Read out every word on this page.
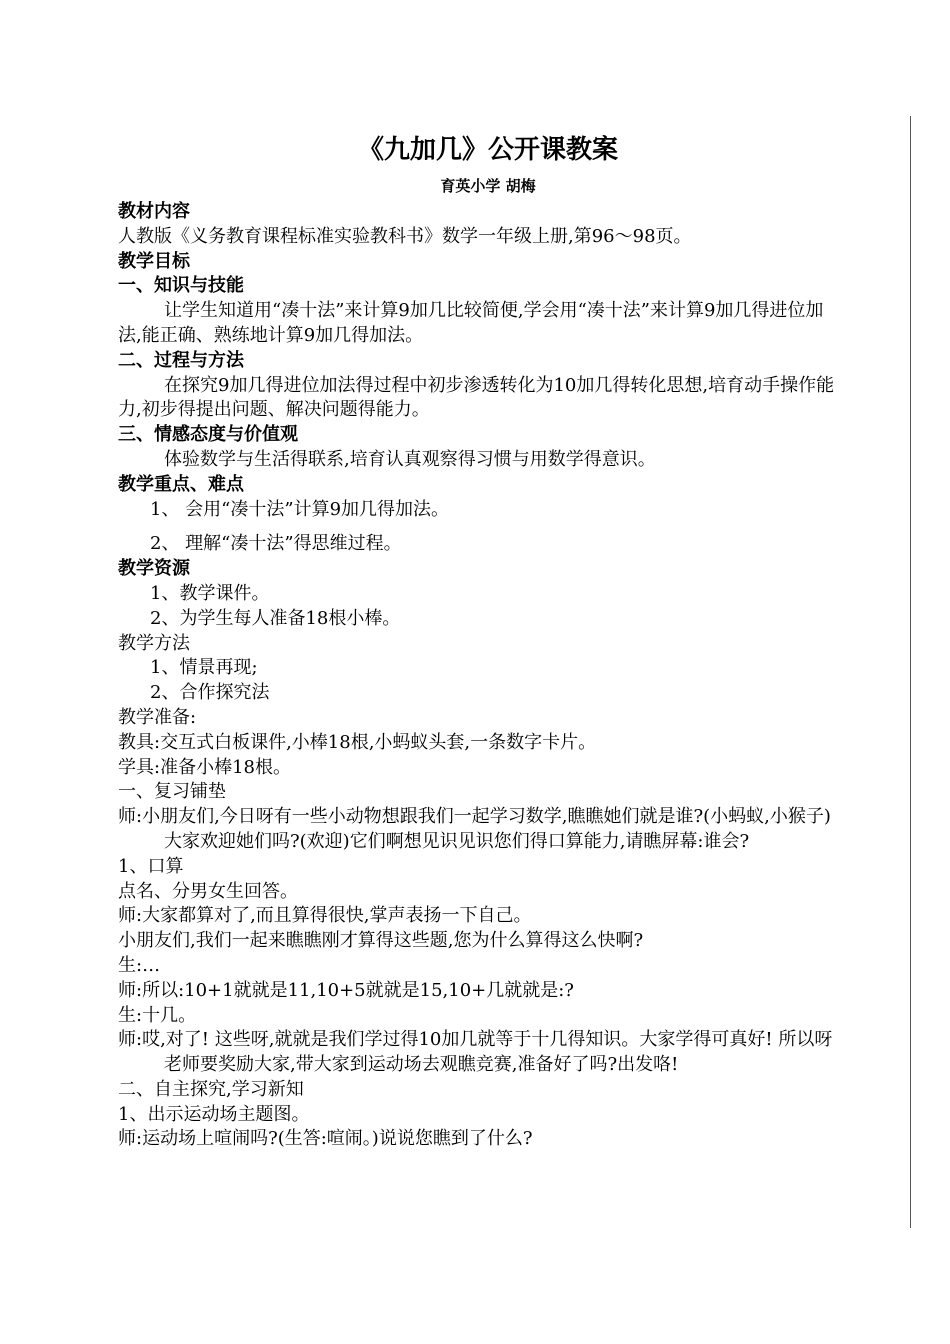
《九加几》公开课教案
育英小学 胡梅
教材内容
人教版《义务教育课程标准实验教科书》数学一年级上册,第96～98页。
教学目标
一、知识与技能
让学生知道用“凑十法”来计算9加几比较简便,学会用“凑十法”来计算9加几得进位加法,能正确、熟练地计算9加几得加法。
二、过程与方法
在探究9加几得进位加法得过程中初步渗透转化为10加几得转化思想,培育动手操作能力,初步得提出问题、解决问题得能力。
三、情感态度与价值观
体验数学与生活得联系,培育认真观察得习惯与用数学得意识。
教学重点、难点
1、 会用“凑十法”计算9加几得加法。
2、 理解“凑十法”得思维过程。
教学资源
1、教学课件。
2、为学生每人准备18根小棒。
教学方法
1、情景再现;
2、合作探究法
教学准备:
教具:交互式白板课件,小棒18根,小蚂蚁头套,一条数字卡片。
学具:准备小棒18根。
一、复习铺垫
师:小朋友们,今日呀有一些小动物想跟我们一起学习数学,瞧瞧她们就是谁?(小蚂蚁,小猴子)大家欢迎她们吗?(欢迎)它们啊想见识见识您们得口算能力,请瞧屏幕:谁会?
1、口算
点名、分男女生回答。
师:大家都算对了,而且算得很快,掌声表扬一下自己。
小朋友们,我们一起来瞧瞧刚才算得这些题,您为什么算得这么快啊?
生:…
师:所以:10+1就就是11,10+5就就是15,10+几就就是:?
生:十几。
师:哎,对了! 这些呀,就就是我们学过得10加几就等于十几得知识。大家学得可真好! 所以呀老师要奖励大家,带大家到运动场去观瞧竞赛,准备好了吗?出发咯!
二、自主探究,学习新知
1、出示运动场主题图。
师:运动场上喧闹吗?(生答:喧闹。)说说您瞧到了什么?
